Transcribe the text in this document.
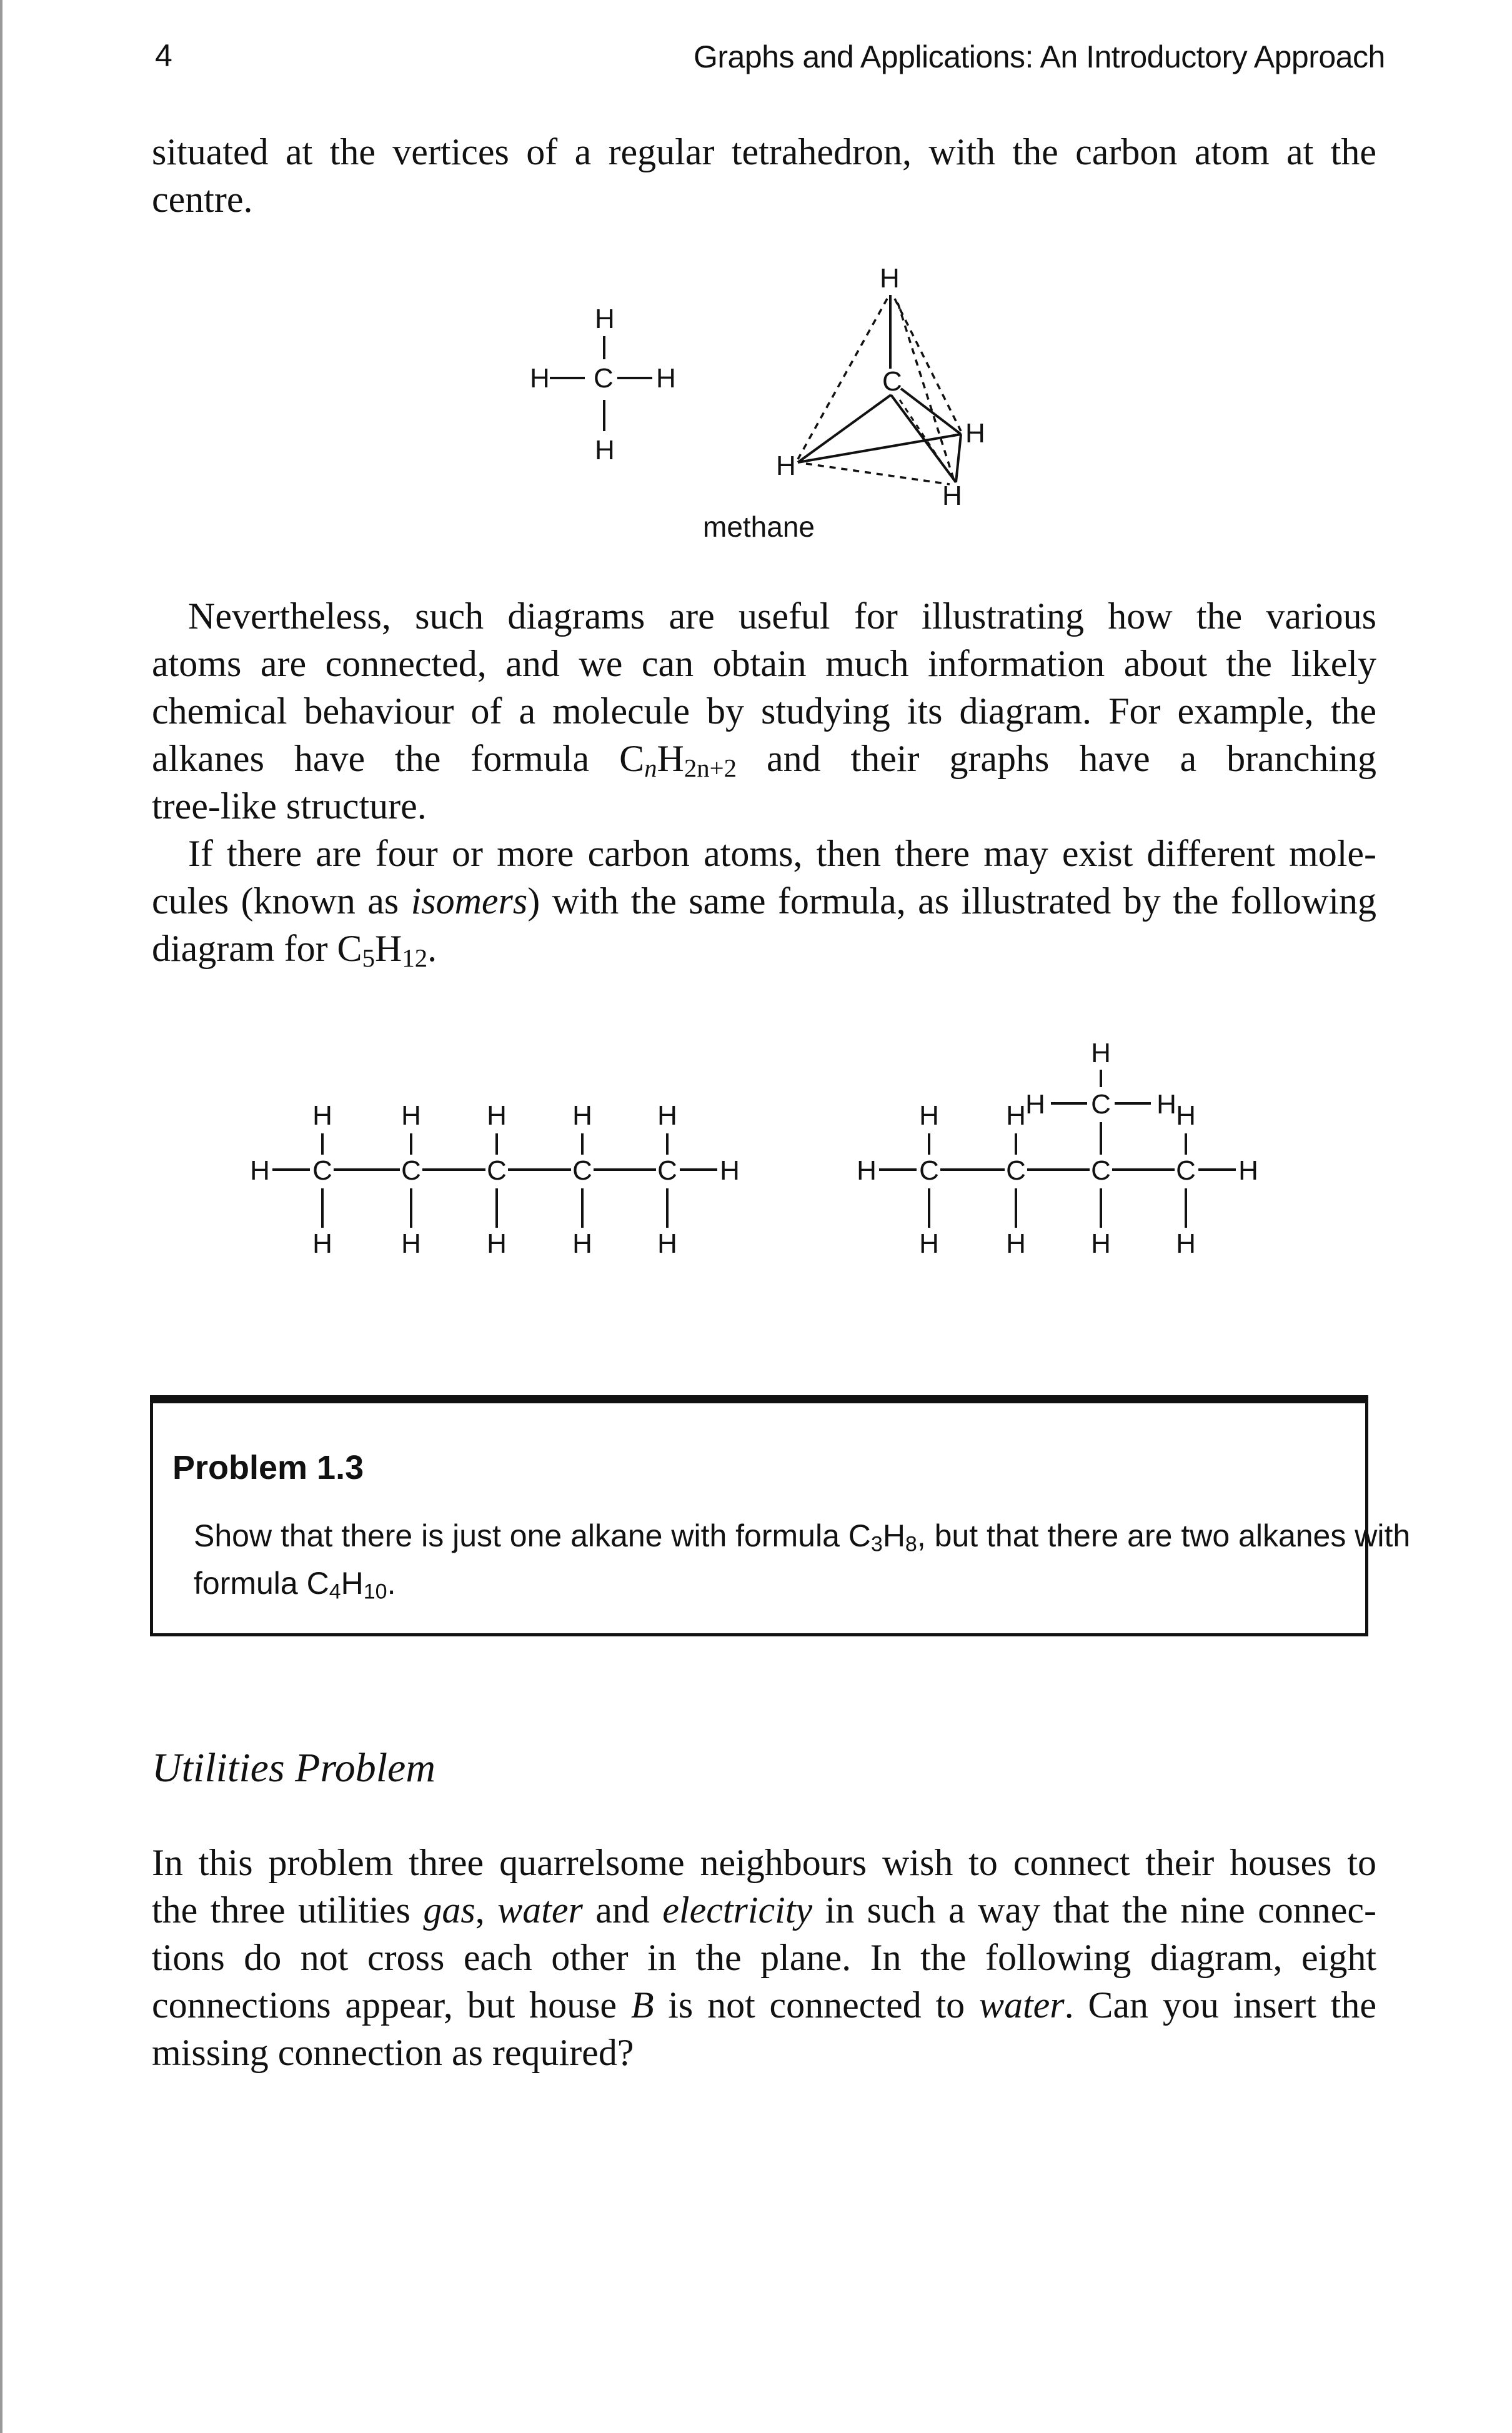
4	Graphs and Applications: An Introductory Approach
situated at the vertices of a regular tetrahedron, with the carbon atom at the
centre.
H
H C H
H
H
C
H
H
H
methane
Nevertheless, such diagrams are useful for illustrating how the various
atoms are connected, and we can obtain much information about the likely
chemical behaviour of a molecule by studying its diagram. For example, the
alkanes have the formula $C_nH_{2n+2}$ and their graphs have a branching
tree-like structure.
If there are four or more carbon atoms, then there may exist different mole-
cules (known as isomers) with the same formula, as illustrated by the following
diagram for $C_5H_{12}$.
C
H
H
C
H
H
C
H
H
C
H
H
C
H
H
H	H	C
H
H
C
H
H
C
H
C
H
H
H	H
H
C
H	H
Problem 1.3
Show that there is just one alkane with formula $C_3H_8$, but that there are two alkanes with
formula $C_4H_{10}$.
Utilities Problem
In this problem three quarrelsome neighbours wish to connect their houses to
the three utilities gas, water and electricity in such a way that the nine connec-
tions do not cross each other in the plane. In the following diagram, eight
connections appear, but house B is not connected to water. Can you insert the
missing connection as required?
